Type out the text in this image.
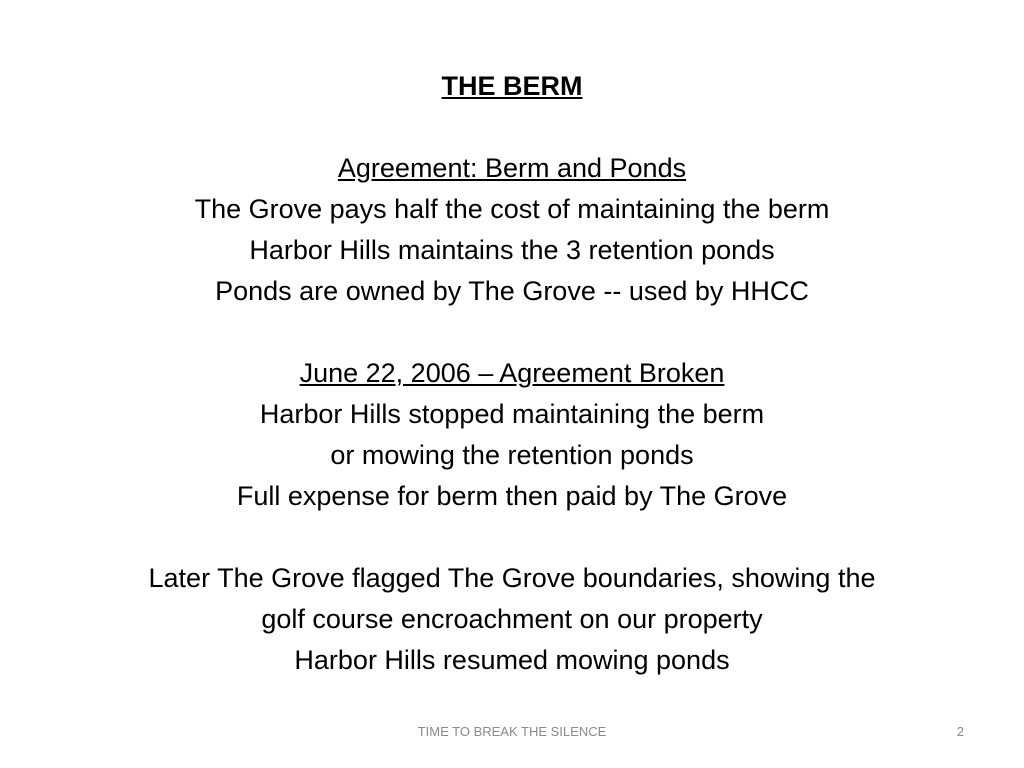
THE BERM
Agreement: Berm and Ponds
The Grove pays half the cost of maintaining the berm
Harbor Hills maintains the 3 retention ponds
Ponds are owned by The Grove -- used by HHCC
June 22, 2006 – Agreement Broken
Harbor Hills stopped maintaining the berm
or mowing the retention ponds
Full expense for berm then paid by The Grove
Later The Grove flagged The Grove boundaries, showing the
golf course encroachment on our property
Harbor Hills resumed mowing ponds
TIME TO BREAK THE SILENCE	2
